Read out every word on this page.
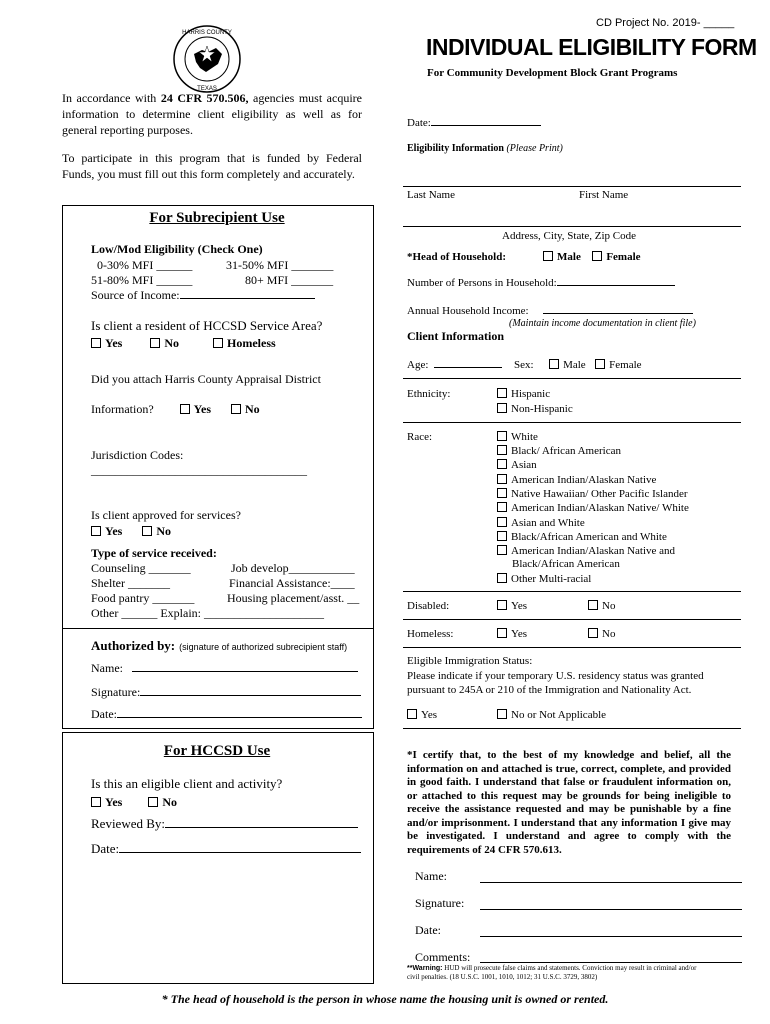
CD Project No. 2019- _____
HARRIS COUNTY
TEXAS
INDIVIDUAL ELIGIBILITY FORM
For Community Development Block Grant Programs
In accordance with 24 CFR 570.506, agencies must acquire information to determine client eligibility as well as for general reporting purposes.
To participate in this program that is funded by Federal Funds, you must fill out this form completely and accurately.
For Subrecipient Use
Low/Mod Eligibility (Check One)
0-30% MFI ______	31-50% MFI _______
51-80% MFI ______	80+ MFI _______
Source of Income:
Is client a resident of HCCSD Service Area?
Yes	No	Homeless
Did you attach Harris County Appraisal District
Information?	Yes	No
Jurisdiction Codes:
____________________________________
Is client approved for services?
Yes	No
Type of service received:
Counseling _______	Job develop___________
Shelter _______	Financial Assistance:____
Food pantry _______	Housing placement/asst. __
Other ______ Explain: ____________________
Authorized by: (signature of authorized subrecipient staff)
Name:
Signature:
Date:
For HCCSD Use
Is this an eligible client and activity?
Yes	No
Reviewed By:
Date:
Date:
Eligibility Information (Please Print)
Last Name	First Name
Address, City, State, Zip Code
*Head of Household:	Male Female
Number of Persons in Household:
Annual Household Income:
(Maintain income documentation in client file)
Client Information
Age:	Sex:	Male Female
Ethnicity:	Hispanic
Non-Hispanic
Race:	White
Black/ African American
Asian
American Indian/Alaskan Native
Native Hawaiian/ Other Pacific Islander
American Indian/Alaskan Native/ White
Asian and White
Black/African American and White
American Indian/Alaskan Native and
Black/African American
Other Multi-racial
Disabled:	Yes	No
Homeless:	Yes	No
Eligible Immigration Status:
Please indicate if your temporary U.S. residency status was granted pursuant to 245A or 210 of the Immigration and Nationality Act.
Yes	No or Not Applicable
*I certify that, to the best of my knowledge and belief, all the information on and attached is true, correct, complete, and provided in good faith. I understand that false or fraudulent information on, or attached to this request may be grounds for being ineligible to receive the assistance requested and may be punishable by a fine and/or imprisonment. I understand that any information I give may be investigated. I understand and agree to comply with the requirements of 24 CFR 570.613.
Name:
Signature:
Date:
Comments:
**Warning: HUD will prosecute false claims and statements. Conviction may result in criminal and/or civil penalties. (18 U.S.C. 1001, 1010, 1012; 31 U.S.C. 3729, 3802)
* The head of household is the person in whose name the housing unit is owned or rented.
